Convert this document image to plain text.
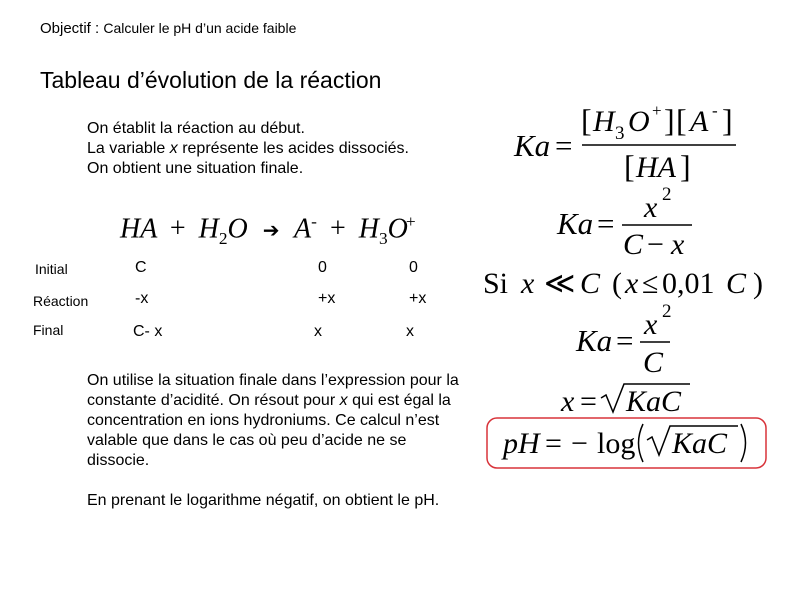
Objectif : Calculer le pH d’un acide faible
Tableau d’évolution de la réaction
On établit la réaction au début.
La variable x représente les acides dissociés.
On obtient une situation finale.
HA + $H_2O$ ➔ $A^- + H_3O^+$
Initial	C	0	0
Réaction	-x	+x	+x
Final	C- x	x	x
On utilise la situation finale dans l’expression pour la constante d’acidité. On résout pour x qui est égal la concentration en ions hydroniums. Ce calcul n’est valable que dans le cas où peu d’acide ne se dissocie.
En prenant le logarithme négatif, on obtient le pH.
Ka =
[ H 3 O + ] [ A - ]
[ HA ]
Ka = x 2
C − x
Si x ≪ C ( x ≤ 0,01 C )
Ka = x 2
C
x = KaC
pH = − log KaC
